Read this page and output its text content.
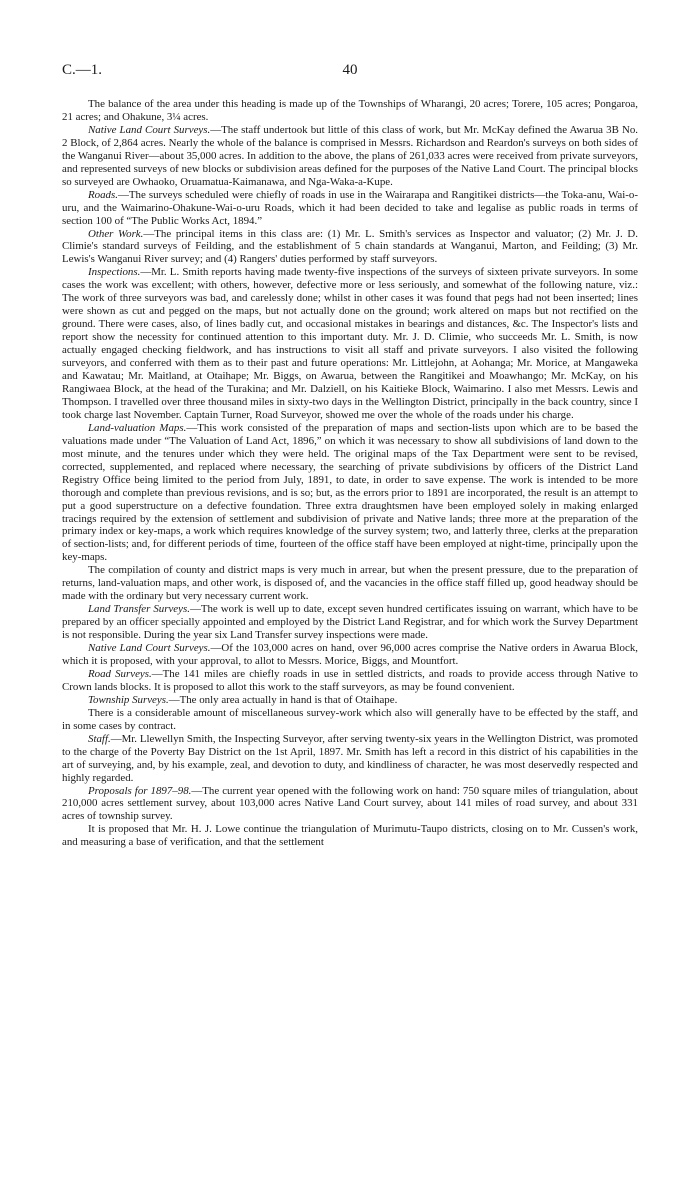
C.—1.	40

The balance of the area under this heading is made up of the Townships of Wharangi, 20 acres; Torere, 105 acres; Pongaroa, 21 acres; and Ohakune, 3¼ acres.

Native Land Court Surveys.—The staff undertook but little of this class of work, but Mr. McKay defined the Awarua 3B No. 2 Block, of 2,864 acres. Nearly the whole of the balance is comprised in Messrs. Richardson and Reardon's surveys on both sides of the Wanganui River—about 35,000 acres. In addition to the above, the plans of 261,033 acres were received from private surveyors, and represented surveys of new blocks or subdivision areas defined for the purposes of the Native Land Court. The principal blocks so surveyed are Owhaoko, Oruamatua-Kaimanawa, and Nga-Waka-a-Kupe.

Roads.—The surveys scheduled were chiefly of roads in use in the Wairarapa and Rangitikei districts—the Toka-anu, Wai-o-uru, and the Waimarino-Ohakune-Wai-o-uru Roads, which it had been decided to take and legalise as public roads in terms of section 100 of “The Public Works Act, 1894.”

Other Work.—The principal items in this class are: (1) Mr. L. Smith's services as Inspector and valuator; (2) Mr. J. D. Climie's standard surveys of Feilding, and the establishment of 5 chain standards at Wanganui, Marton, and Feilding; (3) Mr. Lewis's Wanganui River survey; and (4) Rangers' duties performed by staff surveyors.

Inspections.—Mr. L. Smith reports having made twenty-five inspections of the surveys of sixteen private surveyors. In some cases the work was excellent; with others, however, defective more or less seriously, and somewhat of the following nature, viz.: The work of three surveyors was bad, and carelessly done; whilst in other cases it was found that pegs had not been inserted; lines were shown as cut and pegged on the maps, but not actually done on the ground; work altered on maps but not rectified on the ground. There were cases, also, of lines badly cut, and occasional mistakes in bearings and distances, &c. The Inspector's lists and report show the necessity for continued attention to this important duty. Mr. J. D. Climie, who succeeds Mr. L. Smith, is now actually engaged checking fieldwork, and has instructions to visit all staff and private surveyors. I also visited the following surveyors, and conferred with them as to their past and future operations: Mr. Littlejohn, at Aohanga; Mr. Morice, at Mangaweka and Kawatau; Mr. Maitland, at Otaihape; Mr. Biggs, on Awarua, between the Rangitikei and Moawhango; Mr. McKay, on his Rangiwaea Block, at the head of the Turakina; and Mr. Dalziell, on his Kaitieke Block, Waimarino. I also met Messrs. Lewis and Thompson. I travelled over three thousand miles in sixty-two days in the Wellington District, principally in the back country, since I took charge last November. Captain Turner, Road Surveyor, showed me over the whole of the roads under his charge.

Land-valuation Maps.—This work consisted of the preparation of maps and section-lists upon which are to be based the valuations made under “The Valuation of Land Act, 1896,” on which it was necessary to show all subdivisions of land down to the most minute, and the tenures under which they were held. The original maps of the Tax Department were sent to be revised, corrected, supplemented, and replaced where necessary, the searching of private subdivisions by officers of the District Land Registry Office being limited to the period from July, 1891, to date, in order to save expense. The work is intended to be more thorough and complete than previous revisions, and is so; but, as the errors prior to 1891 are incorporated, the result is an attempt to put a good superstructure on a defective foundation. Three extra draughtsmen have been employed solely in making enlarged tracings required by the extension of settlement and subdivision of private and Native lands; three more at the preparation of the primary index or key-maps, a work which requires knowledge of the survey system; two, and latterly three, clerks at the preparation of section-lists; and, for different periods of time, fourteen of the office staff have been employed at night-time, principally upon the key-maps.

The compilation of county and district maps is very much in arrear, but when the present pressure, due to the preparation of returns, land-valuation maps, and other work, is disposed of, and the vacancies in the office staff filled up, good headway should be made with the ordinary but very necessary current work.

Land Transfer Surveys.—The work is well up to date, except seven hundred certificates issuing on warrant, which have to be prepared by an officer specially appointed and employed by the District Land Registrar, and for which work the Survey Department is not responsible. During the year six Land Transfer survey inspections were made.

Native Land Court Surveys.—Of the 103,000 acres on hand, over 96,000 acres comprise the Native orders in Awarua Block, which it is proposed, with your approval, to allot to Messrs. Morice, Biggs, and Mountfort.

Road Surveys.—The 141 miles are chiefly roads in use in settled districts, and roads to provide access through Native to Crown lands blocks. It is proposed to allot this work to the staff surveyors, as may be found convenient.

Township Surveys.—The only area actually in hand is that of Otaihape.

There is a considerable amount of miscellaneous survey-work which also will generally have to be effected by the staff, and in some cases by contract.

Staff.—Mr. Llewellyn Smith, the Inspecting Surveyor, after serving twenty-six years in the Wellington District, was promoted to the charge of the Poverty Bay District on the 1st April, 1897. Mr. Smith has left a record in this district of his capabilities in the art of surveying, and, by his example, zeal, and devotion to duty, and kindliness of character, he was most deservedly respected and highly regarded.

Proposals for 1897–98.—The current year opened with the following work on hand: 750 square miles of triangulation, about 210,000 acres settlement survey, about 103,000 acres Native Land Court survey, about 141 miles of road survey, and about 331 acres of township survey.

It is proposed that Mr. H. J. Lowe continue the triangulation of Murimutu-Taupo districts, closing on to Mr. Cussen's work, and measuring a base of verification, and that the settlement
